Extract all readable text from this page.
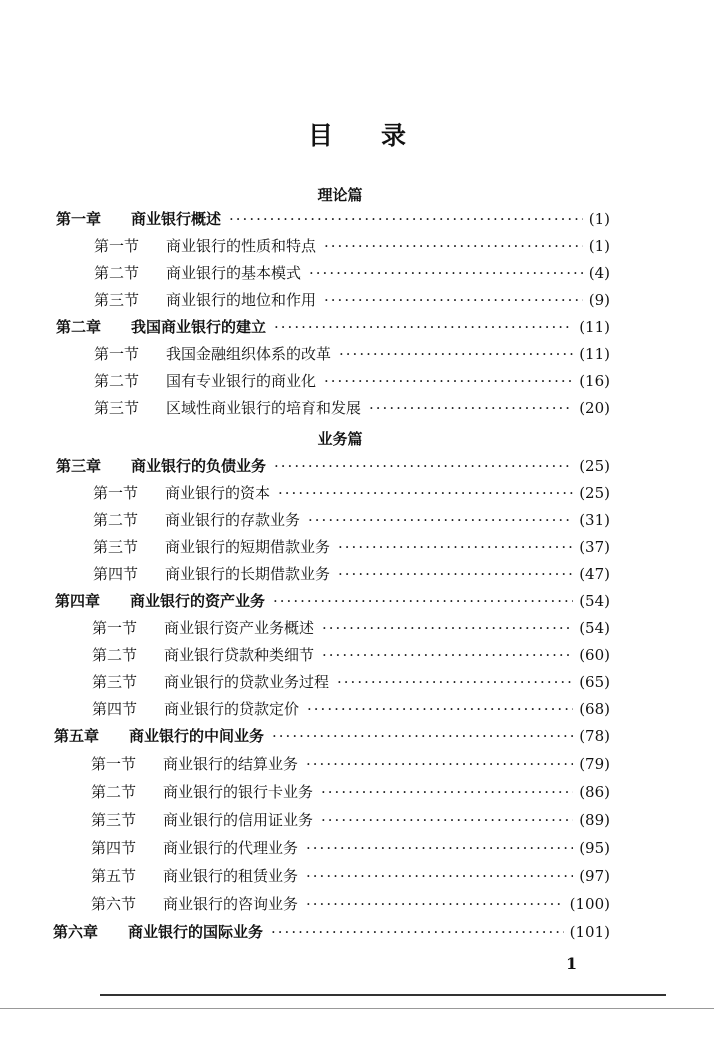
目 录
理论篇
第一章	商业银行概述 ·····	(1)
第一节	商业银行的性质和特点 ·····	(1)
第二节	商业银行的基本模式 ·····	(4)
第三节	商业银行的地位和作用 ·····	(9)
第二章	我国商业银行的建立 ·····	(11)
第一节	我国金融组织体系的改革 ·····	(11)
第二节	国有专业银行的商业化 ·····	(16)
第三节	区域性商业银行的培育和发展 ·····	(20)
业务篇
第三章	商业银行的负债业务 ·····	(25)
第一节	商业银行的资本 ·····	(25)
第二节	商业银行的存款业务 ·····	(31)
第三节	商业银行的短期借款业务 ·····	(37)
第四节	商业银行的长期借款业务 ·····	(47)
第四章	商业银行的资产业务 ·····	(54)
第一节	商业银行资产业务概述 ·····	(54)
第二节	商业银行贷款种类细节 ·····	(60)
第三节	商业银行的贷款业务过程 ·····	(65)
第四节	商业银行的贷款定价 ·····	(68)
第五章	商业银行的中间业务 ·····	(78)
第一节	商业银行的结算业务 ·····	(79)
第二节	商业银行的银行卡业务 ·····	(86)
第三节	商业银行的信用证业务 ·····	(89)
第四节	商业银行的代理业务 ·····	(95)
第五节	商业银行的租赁业务 ·····	(97)
第六节	商业银行的咨询业务 ·····	(100)
第六章	商业银行的国际业务 ·····	(101)
1
